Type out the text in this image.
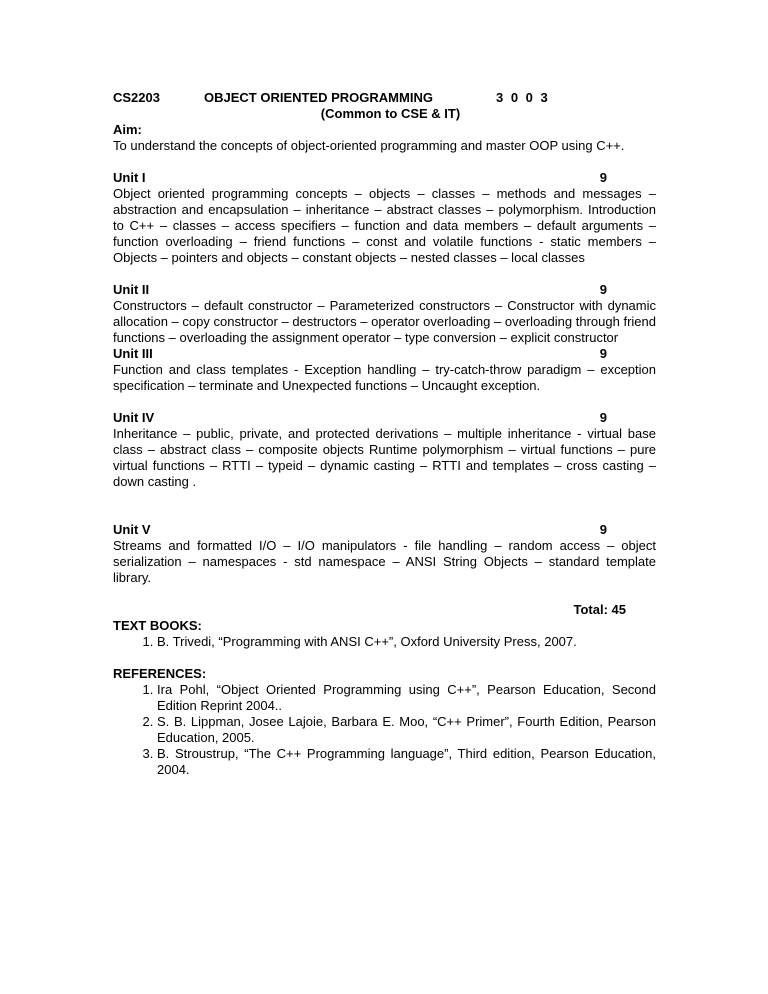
CS2203	OBJECT ORIENTED PROGRAMMING	3 0 0 3
(Common to CSE & IT)
Aim:
To understand the concepts of object-oriented programming and master OOP using C++.
Unit I	9
Object oriented programming concepts – objects – classes – methods and messages – abstraction and encapsulation – inheritance – abstract classes – polymorphism. Introduction to C++ – classes – access specifiers – function and data members – default arguments – function overloading – friend functions – const and volatile functions - static members – Objects – pointers and objects – constant objects – nested classes – local classes
Unit II	9
Constructors – default constructor – Parameterized constructors – Constructor with dynamic allocation – copy constructor – destructors – operator overloading – overloading through friend functions – overloading the assignment operator – type conversion – explicit constructor
Unit III	9
Function and class templates - Exception handling – try-catch-throw paradigm – exception specification – terminate and Unexpected functions – Uncaught exception.
Unit IV	9
Inheritance – public, private, and protected derivations – multiple inheritance - virtual base class – abstract class – composite objects Runtime polymorphism – virtual functions – pure virtual functions – RTTI – typeid – dynamic casting – RTTI and templates – cross casting – down casting .
Unit V	9
Streams and formatted I/O – I/O manipulators - file handling – random access – object serialization – namespaces - std namespace – ANSI String Objects – standard template library.
Total: 45
TEXT BOOKS:
1. B. Trivedi, “Programming with ANSI C++”, Oxford University Press, 2007.
REFERENCES:
1. Ira Pohl, “Object Oriented Programming using C++”, Pearson Education, Second Edition Reprint 2004..
2. S. B. Lippman, Josee Lajoie, Barbara E. Moo, “C++ Primer”, Fourth Edition, Pearson Education, 2005.
3. B. Stroustrup, “The C++ Programming language”, Third edition, Pearson Education, 2004.
